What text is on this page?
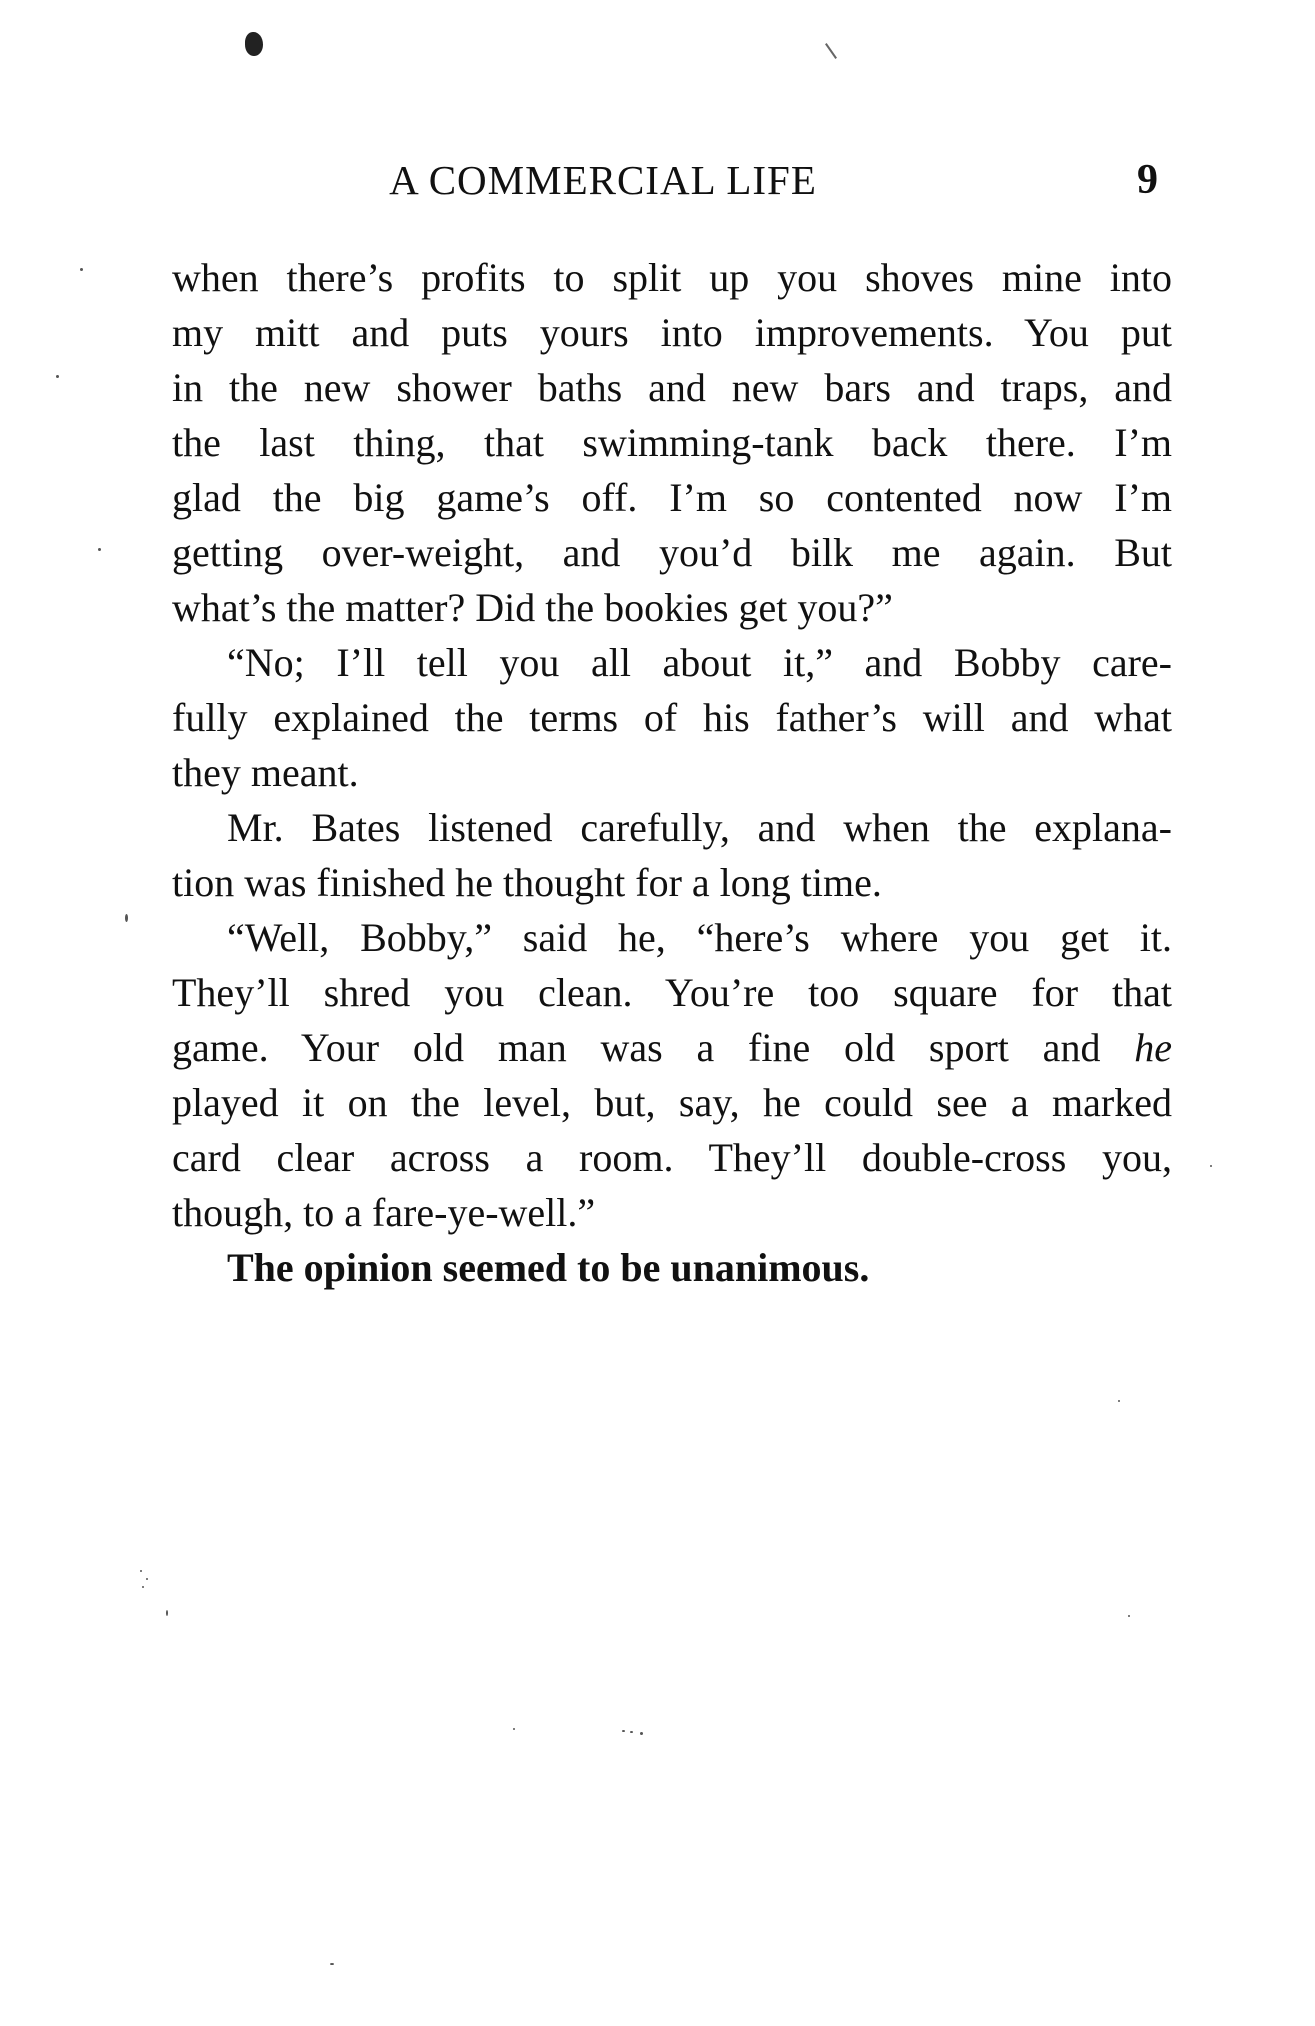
A COMMERCIAL LIFE	9
when there’s profits to split up you shoves mine into
my mitt and puts yours into improvements. You put
in the new shower baths and new bars and traps, and
the last thing, that swimming-tank back there. I’m
glad the big game’s off. I’m so contented now I’m
getting over-weight, and you’d bilk me again. But
what’s the matter? Did the bookies get you?”
“No; I’ll tell you all about it,” and Bobby care-
fully explained the terms of his father’s will and what
they meant.
Mr. Bates listened carefully, and when the explana-
tion was finished he thought for a long time.
“Well, Bobby,” said he, “here’s where you get it.
They’ll shred you clean. You’re too square for that
game. Your old man was a fine old sport and he
played it on the level, but, say, he could see a marked
card clear across a room. They’ll double-cross you,
though, to a fare-ye-well.”
The opinion seemed to be unanimous.
